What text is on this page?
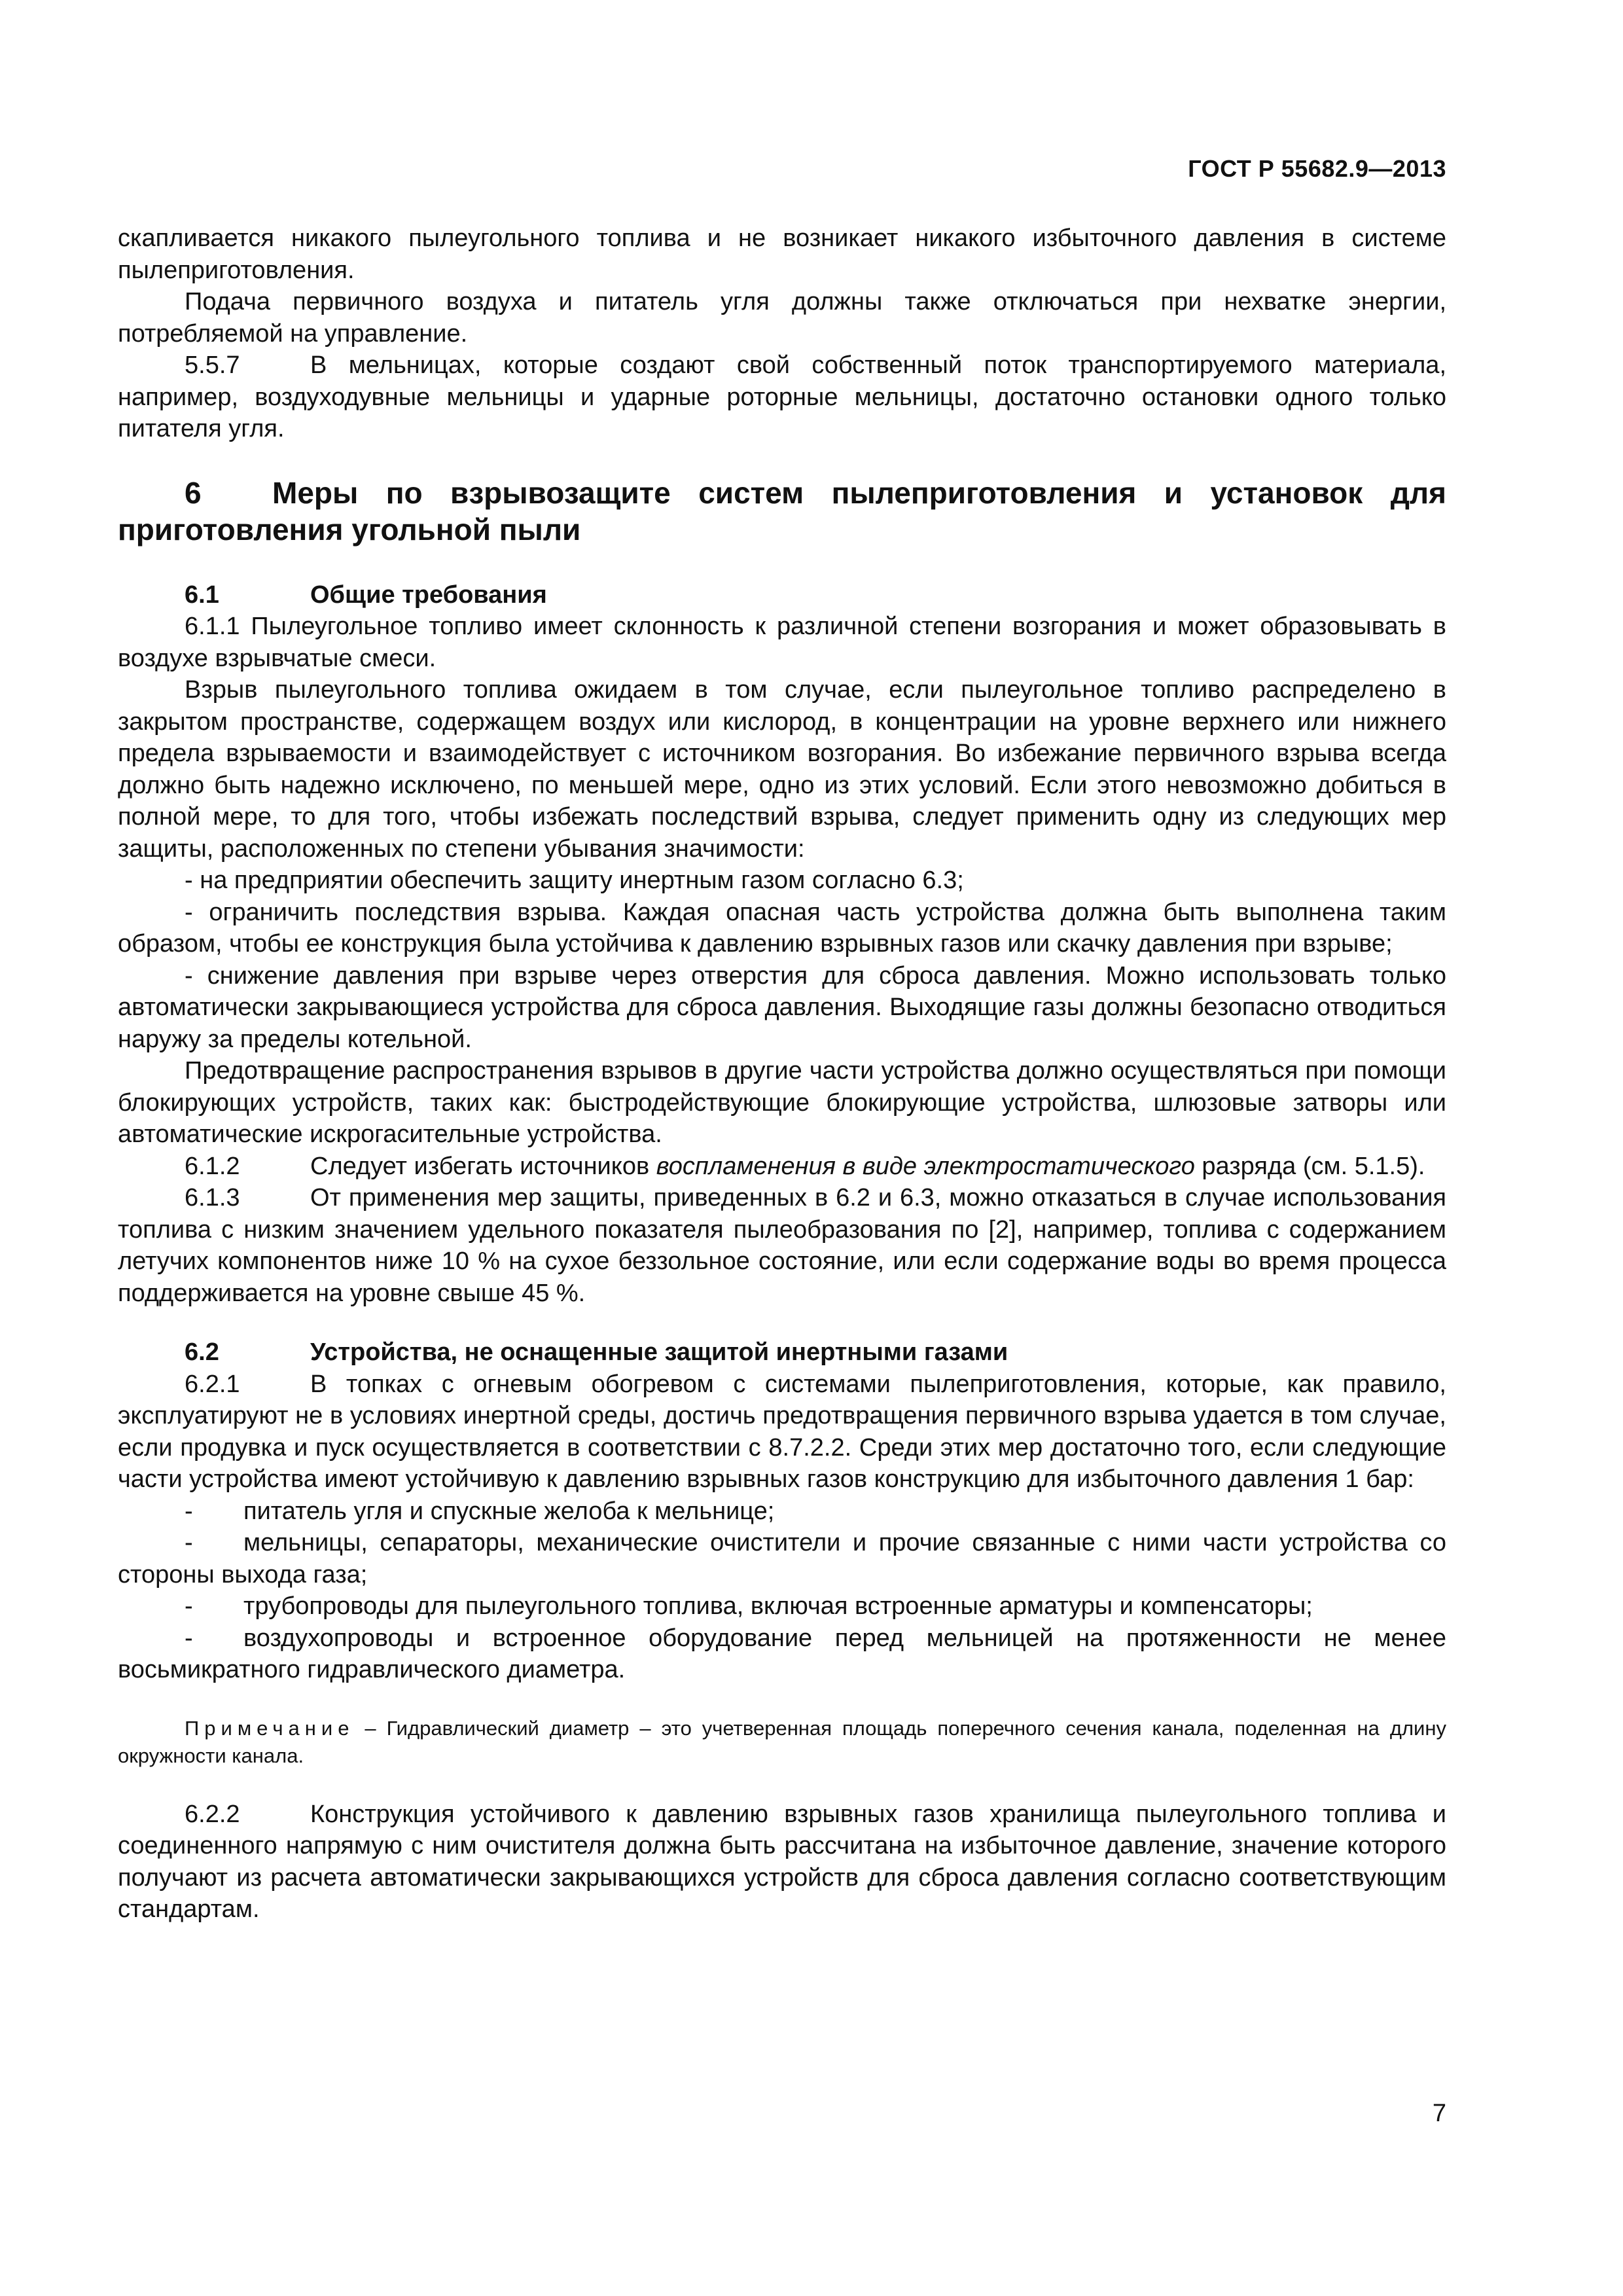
ГОСТ Р 55682.9—2013

скапливается никакого пылеугольного топлива и не возникает никакого избыточного давления в системе пылеприготовления.

Подача первичного воздуха и питатель угля должны также отключаться при нехватке энергии, потребляемой на управление.

5.5.7	В мельницах, которые создают свой собственный поток транспортируемого материала, например, воздуходувные мельницы и ударные роторные мельницы, достаточно остановки одного только питателя угля.

6 Меры по взрывозащите систем пылеприготовления и установок для приготовления угольной пыли

6.1	Общие требования

6.1.1 Пылеугольное топливо имеет склонность к различной степени возгорания и может образовывать в воздухе взрывчатые смеси.

Взрыв пылеугольного топлива ожидаем в том случае, если пылеугольное топливо распределено в закрытом пространстве, содержащем воздух или кислород, в концентрации на уровне верхнего или нижнего предела взрываемости и взаимодействует с источником возгорания. Во избежание первичного взрыва всегда должно быть надежно исключено, по меньшей мере, одно из этих условий. Если этого невозможно добиться в полной мере, то для того, чтобы избежать последствий взрыва, следует применить одну из следующих мер защиты, расположенных по степени убывания значимости:

- на предприятии обеспечить защиту инертным газом согласно 6.3;

- ограничить последствия взрыва. Каждая опасная часть устройства должна быть выполнена таким образом, чтобы ее конструкция была устойчива к давлению взрывных газов или скачку давления при взрыве;

- снижение давления при взрыве через отверстия для сброса давления. Можно использовать только автоматически закрывающиеся устройства для сброса давления. Выходящие газы должны безопасно отводиться наружу за пределы котельной.

Предотвращение распространения взрывов в другие части устройства должно осуществляться при помощи блокирующих устройств, таких как: быстродействующие блокирующие устройства, шлюзовые затворы или автоматические искрогасительные устройства.

6.1.2	Следует избегать источников воспламенения в виде электростатического разряда (см. 5.1.5).

6.1.3	От применения мер защиты, приведенных в 6.2 и 6.3, можно отказаться в случае использования топлива с низким значением удельного показателя пылеобразования по [2], например, топлива с содержанием летучих компонентов ниже 10 % на сухое беззольное состояние, или если содержание воды во время процесса поддерживается на уровне свыше 45 %.

6.2	Устройства, не оснащенные защитой инертными газами

6.2.1	В топках с огневым обогревом с системами пылеприготовления, которые, как правило, эксплуатируют не в условиях инертной среды, достичь предотвращения первичного взрыва удается в том случае, если продувка и пуск осуществляется в соответствии с 8.7.2.2. Среди этих мер достаточно того, если следующие части устройства имеют устойчивую к давлению взрывных газов конструкцию для избыточного давления 1 бар:

- питатель угля и спускные желоба к мельнице;

- мельницы, сепараторы, механические очистители и прочие связанные с ними части устройства со стороны выхода газа;

- трубопроводы для пылеугольного топлива, включая встроенные арматуры и компенсаторы;

- воздухопроводы и встроенное оборудование перед мельницей на протяженности не менее восьмикратного гидравлического диаметра.

Примечание – Гидравлический диаметр – это учетверенная площадь поперечного сечения канала, поделенная на длину окружности канала.

6.2.2	Конструкция устойчивого к давлению взрывных газов хранилища пылеугольного топлива и соединенного напрямую с ним очистителя должна быть рассчитана на избыточное давление, значение которого получают из расчета автоматически закрывающихся устройств для сброса давления согласно соответствующим стандартам.

7
